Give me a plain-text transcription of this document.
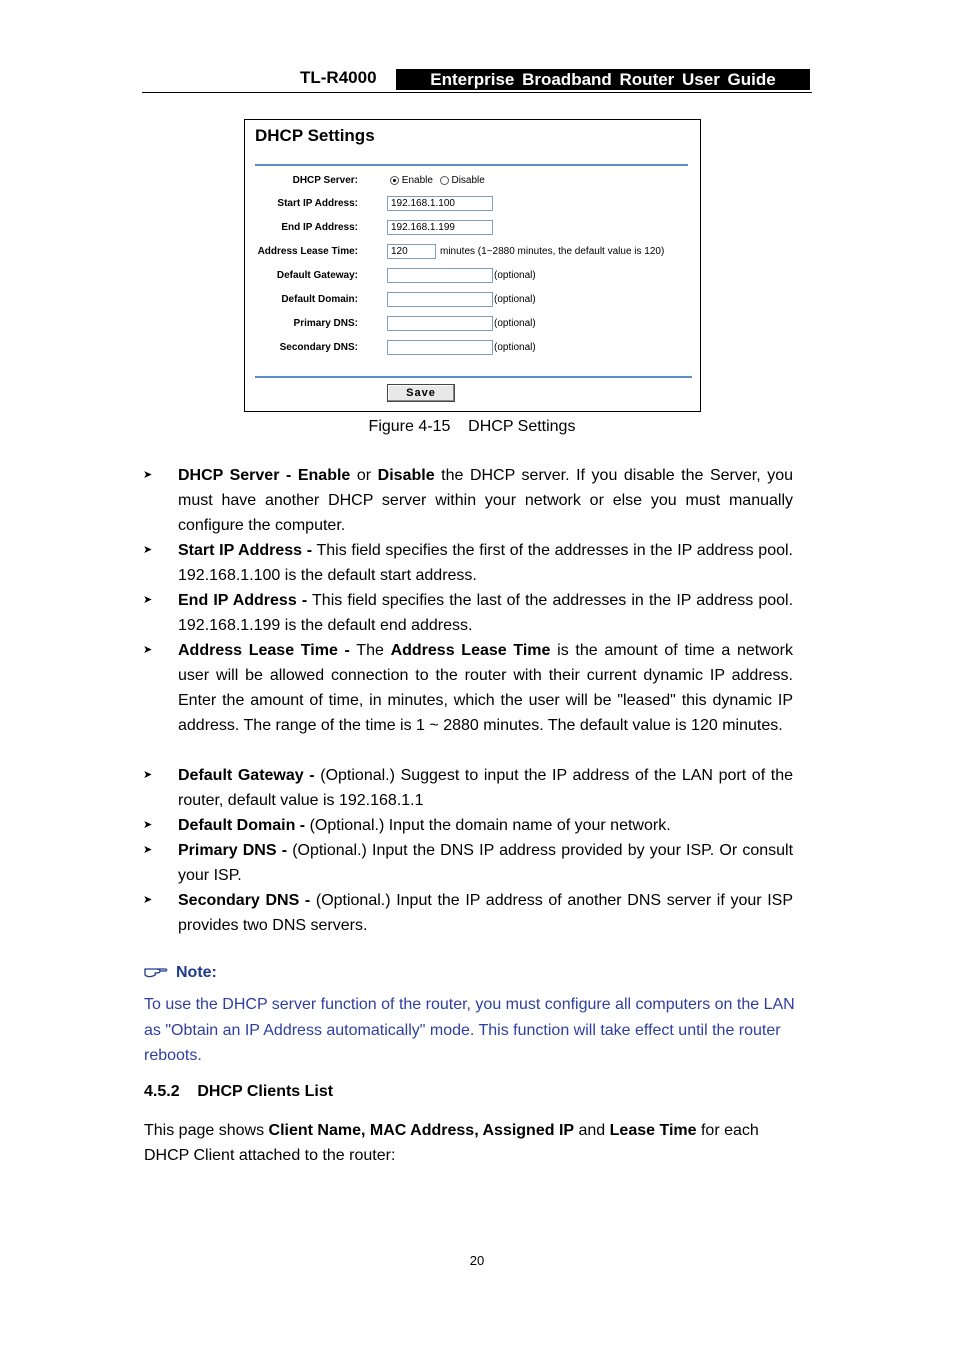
TL-R4000	Enterprise Broadband Router User Guide
DHCP Settings
DHCP Server:	Enable Disable
Start IP Address:	192.168.1.100
End IP Address:	192.168.1.199
Address Lease Time:	120	minutes (1~2880 minutes, the default value is 120)
Default Gateway:	(optional)
Default Domain:	(optional)
Primary DNS:	(optional)
Secondary DNS:	(optional)
Save
Figure 4-15    DHCP Settings
➤ DHCP Server - Enable or Disable the DHCP server. If you disable the Server, you must have another DHCP server within your network or else you must manually configure the computer.
➤ Start IP Address - This field specifies the first of the addresses in the IP address pool. 192.168.1.100 is the default start address.
➤ End IP Address - This field specifies the last of the addresses in the IP address pool. 192.168.1.199 is the default end address.
➤ Address Lease Time - The Address Lease Time is the amount of time a network user will be allowed connection to the router with their current dynamic IP address. Enter the amount of time, in minutes, which the user will be "leased" this dynamic IP address. The range of the time is 1 ~ 2880 minutes. The default value is 120 minutes.
➤ Default Gateway - (Optional.) Suggest to input the IP address of the LAN port of the router, default value is 192.168.1.1
➤ Default Domain - (Optional.) Input the domain name of your network.
➤ Primary DNS - (Optional.) Input the DNS IP address provided by your ISP. Or consult your ISP.
➤ Secondary DNS - (Optional.) Input the IP address of another DNS server if your ISP provides two DNS servers.
Note:
To use the DHCP server function of the router, you must configure all computers on the LAN as "Obtain an IP Address automatically" mode. This function will take effect until the router reboots.
4.5.2    DHCP Clients List
This page shows Client Name, MAC Address, Assigned IP and Lease Time for each DHCP Client attached to the router:
20
